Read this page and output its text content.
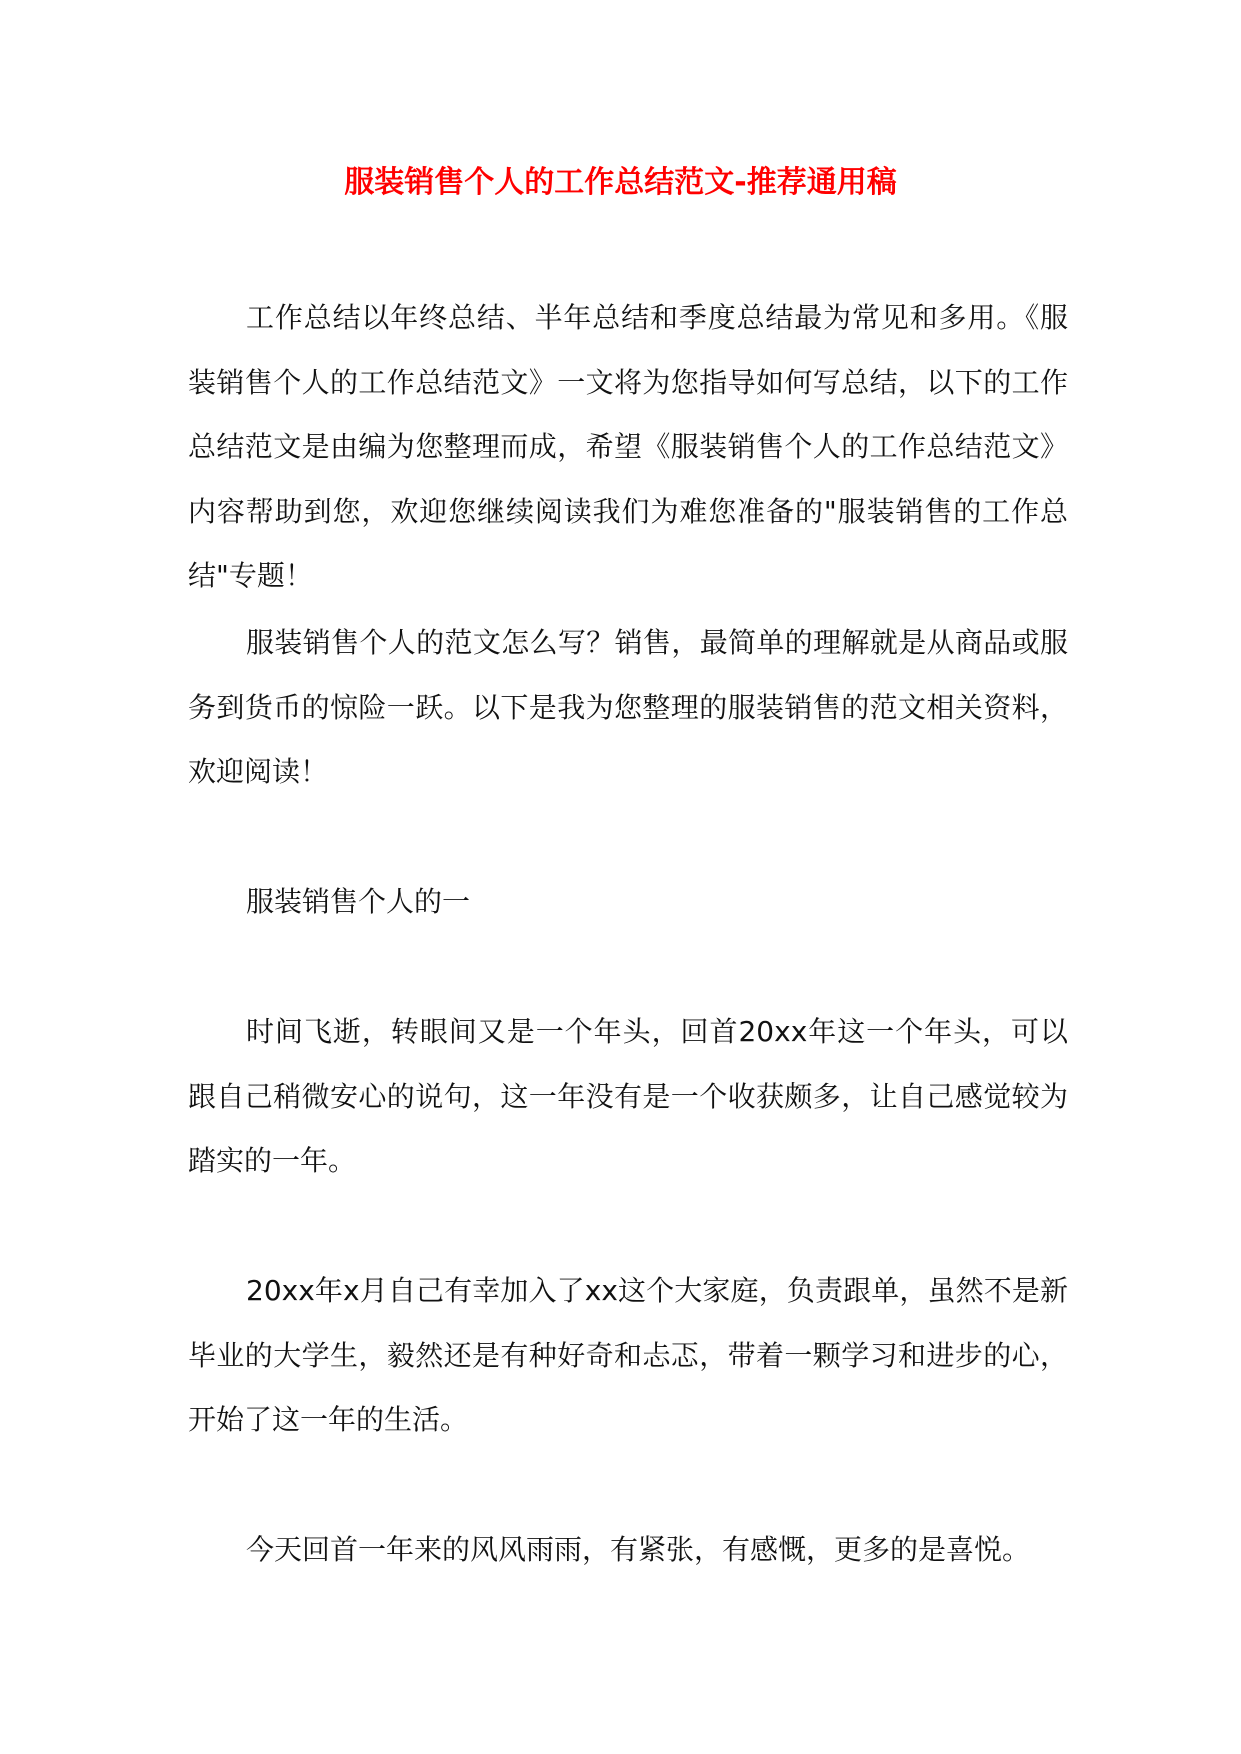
服装销售个人的工作总结范文-推荐通用稿

工作总结以年终总结、半年总结和季度总结最为常见和多用。《服装销售个人的工作总结范文》一文将为您指导如何写总结，以下的工作总结范文是由编为您整理而成，希望《服装销售个人的工作总结范文》内容帮助到您，欢迎您继续阅读我们为难您准备的"服装销售的工作总结"专题！

服装销售个人的范文怎么写？销售，最简单的理解就是从商品或服务到货币的惊险一跃。以下是我为您整理的服装销售的范文相关资料，欢迎阅读！

服装销售个人的一

时间飞逝，转眼间又是一个年头，回首20xx年这一个年头，可以跟自己稍微安心的说句，这一年没有是一个收获颇多，让自己感觉较为踏实的一年。

20xx年x月自己有幸加入了xx这个大家庭，负责跟单，虽然不是新毕业的大学生，毅然还是有种好奇和忐忑，带着一颗学习和进步的心，开始了这一年的生活。

今天回首一年来的风风雨雨，有紧张，有感慨，更多的是喜悦。
